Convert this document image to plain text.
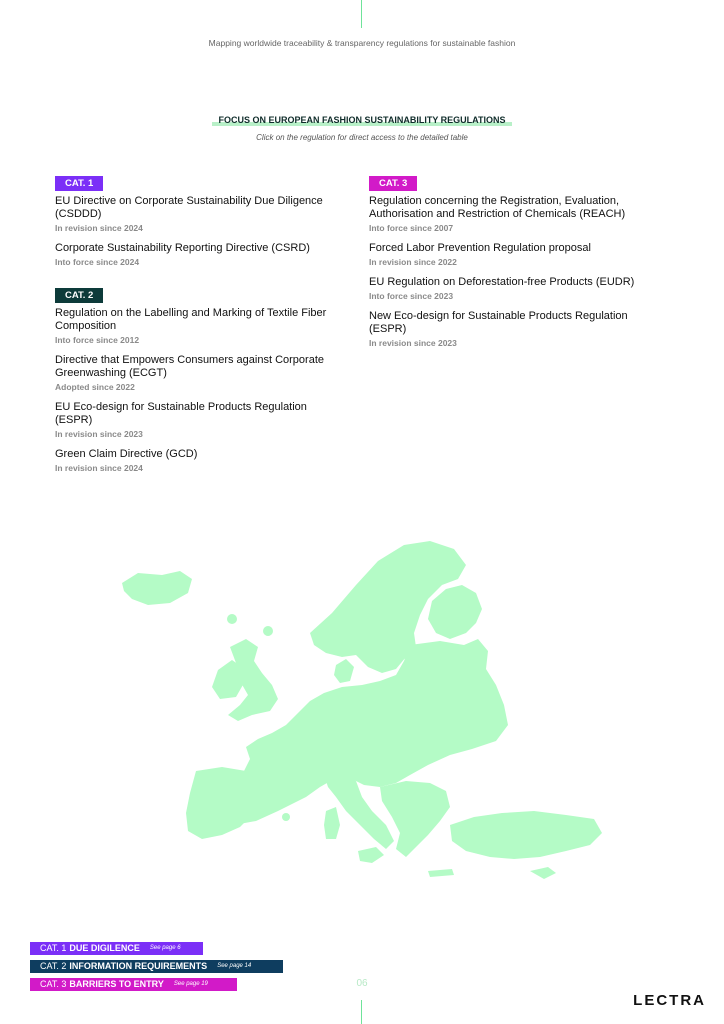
Mapping worldwide traceability & transparency regulations for sustainable fashion
FOCUS ON EUROPEAN FASHION SUSTAINABILITY REGULATIONS
Click on the regulation for direct access to the detailed table
CAT. 1
EU Directive on Corporate Sustainability Due Diligence (CSDDD)
In revision since 2024
Corporate Sustainability Reporting Directive (CSRD)
Into force since 2024
CAT. 2
Regulation on the Labelling and Marking of Textile Fiber Composition
Into force since 2012
Directive that Empowers Consumers against Corporate Greenwashing (ECGT)
Adopted since 2022
EU Eco-design for Sustainable Products Regulation (ESPR)
In revision since 2023
Green Claim Directive (GCD)
In revision since 2024
CAT. 3
Regulation concerning the Registration, Evaluation, Authorisation and Restriction of Chemicals (REACH)
Into force since 2007
Forced Labor Prevention Regulation proposal
In revision since 2022
EU Regulation on Deforestation-free Products (EUDR)
Into force since 2023
New Eco-design for Sustainable Products Regulation (ESPR)
In revision since 2023
CAT. 1 DUE DIGILENCE See page 6
CAT. 2 INFORMATION REQUIREMENTS See page 14
CAT. 3 BARRIERS TO ENTRY See page 19	06
LECTRA
